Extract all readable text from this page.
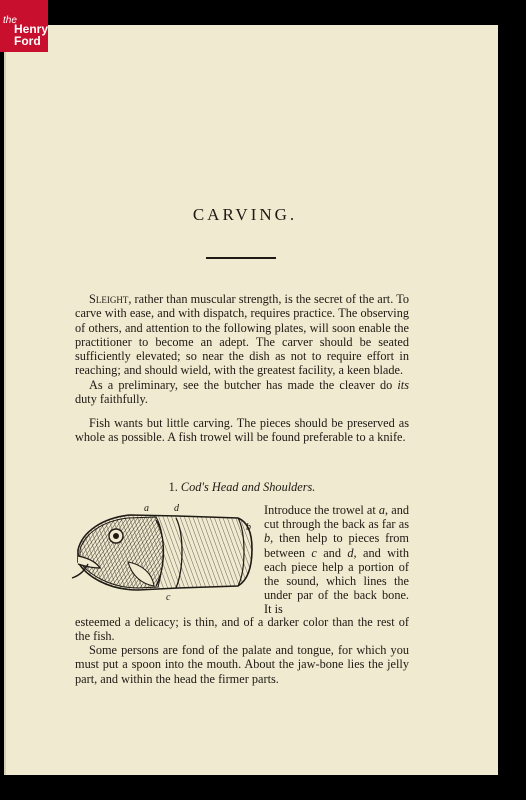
the
Henry
Ford
CARVING.

Sleight, rather than muscular strength, is the secret of the art. To carve with ease, and with dispatch, requires practice. The observing of others, and attention to the following plates, will soon enable the practitioner to become an adept. The carver should be seated sufficiently elevated; so near the dish as not to require effort in reaching; and should wield, with the greatest facility, a keen blade.
As a preliminary, see the butcher has made the cleaver do its duty faithfully.

Fish wants but little carving. The pieces should be preserved as whole as possible. A fish trowel will be found preferable to a knife.

1. Cod's Head and Shoulders.
a	d
b
c

Introduce the trowel at a, and cut through the back as far as b, then help to pieces from between c and d, and with each piece help a portion of the sound, which lines the under par of the back bone. It is

esteemed a delicacy; is thin, and of a darker color than the rest of the fish.

Some persons are fond of the palate and tongue, for which you must put a spoon into the mouth. About the jaw-bone lies the jelly part, and within the head the firmer parts.
